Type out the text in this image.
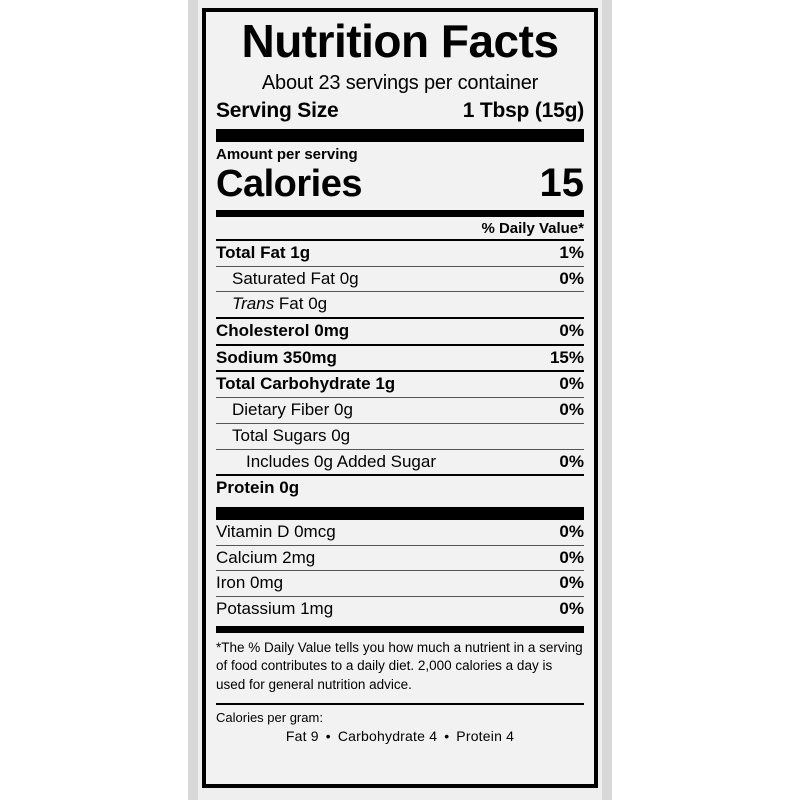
Nutrition Facts
About 23 servings per container
Serving Size	1 Tbsp (15g)
Amount per serving
Calories	15
% Daily Value*
Total Fat 1g	1%
Saturated Fat 0g	0%
Trans Fat 0g
Cholesterol 0mg	0%
Sodium 350mg	15%
Total Carbohydrate 1g	0%
Dietary Fiber 0g	0%
Total Sugars 0g
Includes 0g Added Sugar	0%
Protein 0g
Vitamin D 0mcg	0%
Calcium 2mg	0%
Iron 0mg	0%
Potassium 1mg	0%
*The % Daily Value tells you how much a nutrient in a serving of food contributes to a daily diet. 2,000 calories a day is used for general nutrition advice.
Calories per gram:
Fat 9 • Carbohydrate 4 • Protein 4
